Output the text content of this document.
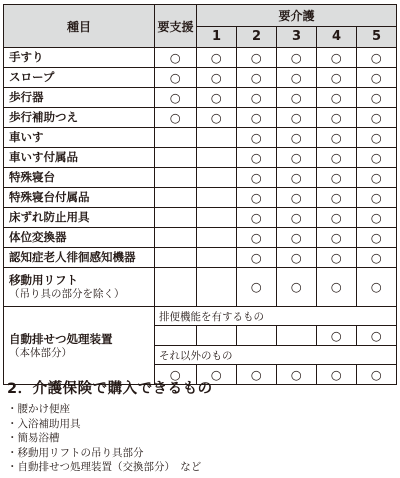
種目	要支援	要介護				
		1	2	3	4	5

手すり	○	○	○	○	○	○

スロープ	○	○	○	○	○	○

歩行器	○	○	○	○	○	○

歩行補助つえ	○	○	○	○	○	○

車いす			○	○	○	○

車いす付属品			○	○	○	○

特殊寝台			○	○	○	○

特殊寝台付属品			○	○	○	○

床ずれ防止用具			○	○	○	○

体位変換器			○	○	○	○

認知症老人徘徊感知機器			○	○	○	○

移動用リフト
（吊り具の部分を除く）			○	○	○	○

自動排せつ処理装置
（本体部分）	排便機能を有するもの					
					○	○
	それ以外のもの					
	○	○	○	○	○	○
2．介護保険で購入できるもの
・ 腰かけ便座
・ 入浴補助用具
・ 簡易浴槽
・ 移動用リフトの吊り具部分
・ 自動排せつ処理装置（交換部分）　など
